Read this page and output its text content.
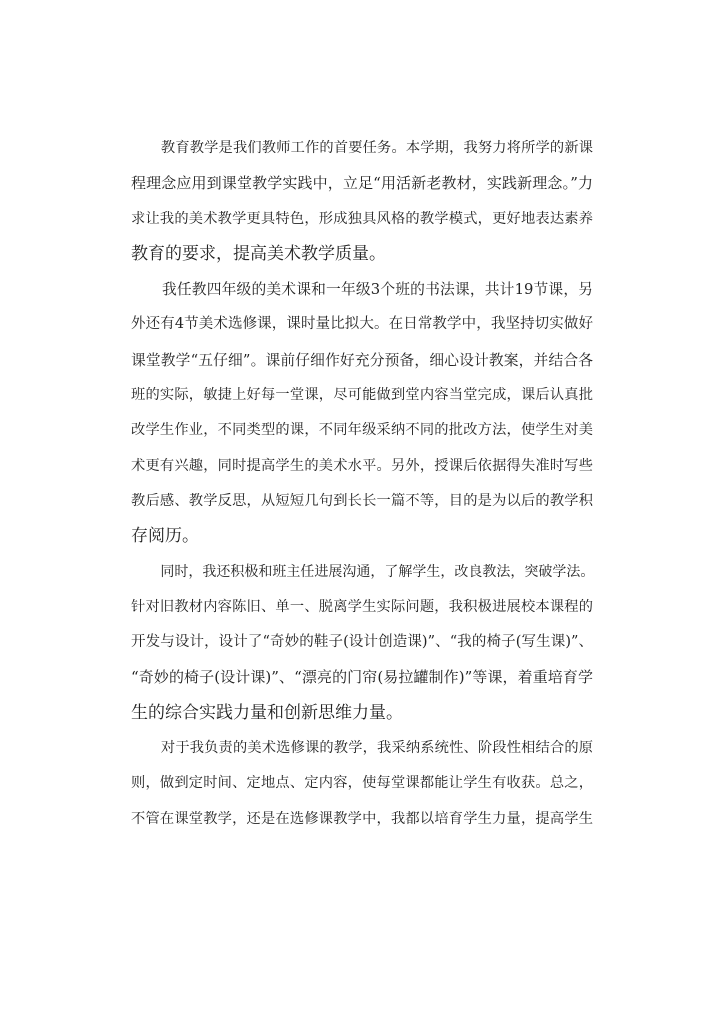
教育教学是我们教师工作的首要任务。本学期，我努力将所学的新课
程理念应用到课堂教学实践中，立足“用活新老教材，实践新理念。”力
求让我的美术教学更具特色，形成独具风格的教学模式，更好地表达素养
教育的要求，提高美术教学质量。
我任教四年级的美术课和一年级3个班的书法课，共计19节课，另
外还有4节美术选修课，课时量比拟大。在日常教学中，我坚持切实做好
课堂教学“五仔细”。课前仔细作好充分预备，细心设计教案，并结合各
班的实际，敏捷上好每一堂课，尽可能做到堂内容当堂完成，课后认真批
改学生作业，不同类型的课，不同年级采纳不同的批改方法，使学生对美
术更有兴趣，同时提高学生的美术水平。另外，授课后依据得失准时写些
教后感、教学反思，从短短几句到长长一篇不等，目的是为以后的教学积
存阅历。
同时，我还积极和班主任进展沟通，了解学生，改良教法，突破学法。
针对旧教材内容陈旧、单一、脱离学生实际问题，我积极进展校本课程的
开发与设计，设计了“奇妙的鞋子(设计创造课)”、“我的椅子(写生课)”、
“奇妙的椅子(设计课)”、“漂亮的门帘(易拉罐制作)”等课，着重培育学
生的综合实践力量和创新思维力量。
对于我负责的美术选修课的教学，我采纳系统性、阶段性相结合的原
则，做到定时间、定地点、定内容，使每堂课都能让学生有收获。总之，
不管在课堂教学，还是在选修课教学中，我都以培育学生力量，提高学生
